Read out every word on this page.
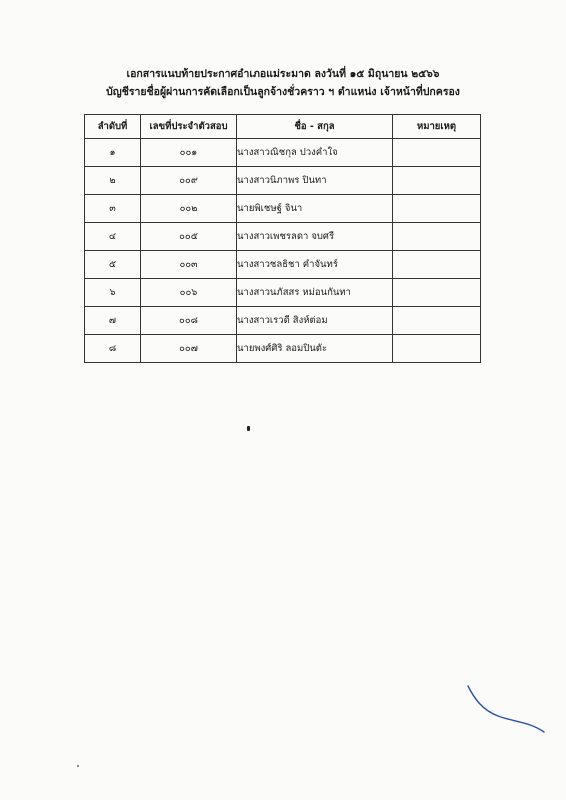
เอกสารแนบท้ายประกาศอำเภอแม่ระมาด ลงวันที่ ๑๕ มิถุนายน ๒๕๖๖
บัญชีรายชื่อผู้ผ่านการคัดเลือกเป็นลูกจ้างชั่วคราว ฯ ตำแหน่ง เจ้าหน้าที่ปกครอง
ลำดับที่	เลขที่ประจำตัวสอบ	ชื่อ - สกุล	หมายเหตุ
๑	๐๐๑	นางสาวณิชกุล ปวงคำใจ	
๒	๐๐๙	นางสาวนิภาพร ปินทา	
๓	๐๐๒	นายพิเชษฐ์ จินา	
๔	๐๐๕	นางสาวเพชรลดา จบศรี	
๕	๐๐๓	นางสาวชลธิชา คำจันทร์	
๖	๐๐๖	นางสาวนภัสสร หม่อนกันทา	
๗	๐๐๘	นางสาวเรวดี สิงห์ต่อม	
๘	๐๐๗	นายพงศ์ศิริ ลอมปินตัะ	
